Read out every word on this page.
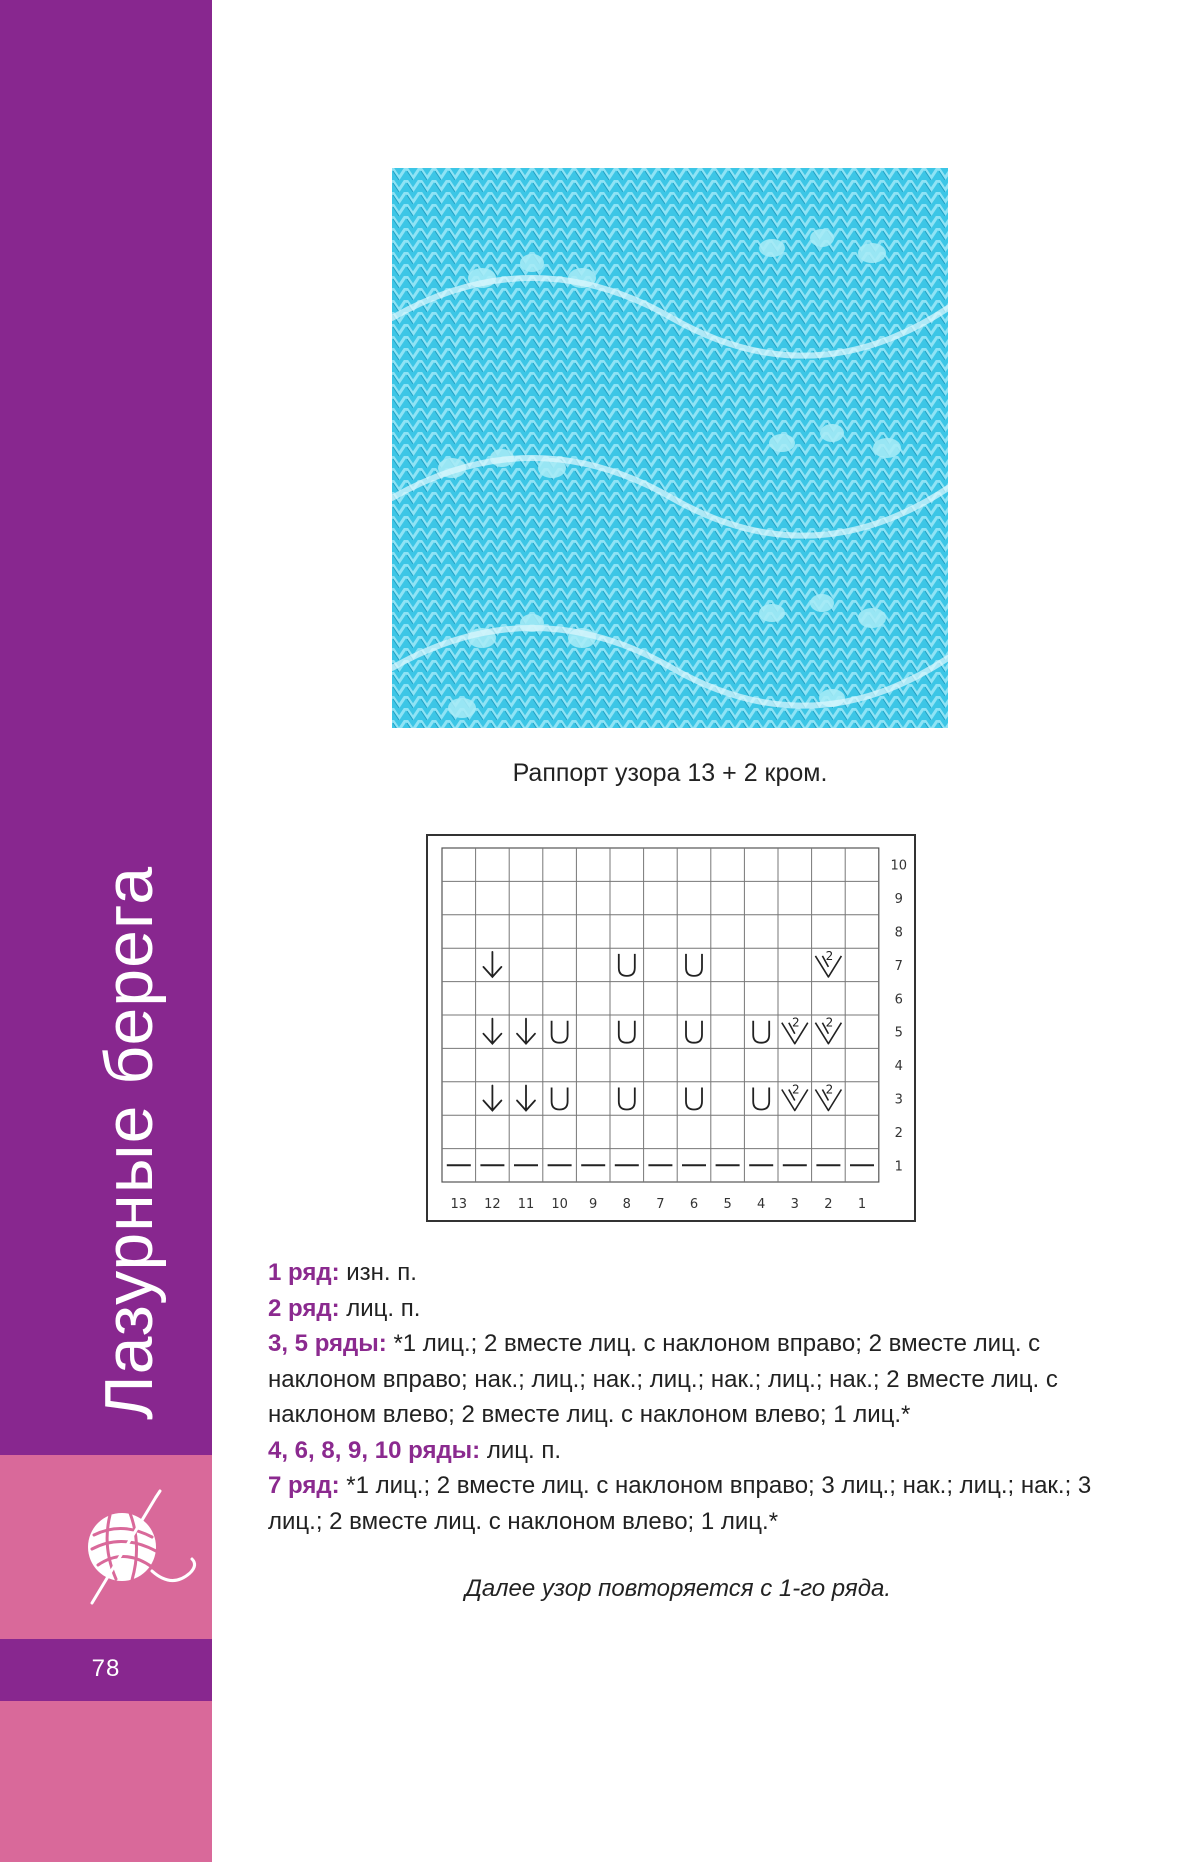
Лазурные берега
78
Раппорт узора 13 + 2 кром.
13 12 11 10 9 8 7 6 5 4 3 2 1
10
9
8
7
6
5
4
3
2
1
2 2
2 2
2

1 ряд: изн. п.

2 ряд: лиц. п.

3, 5 ряды: *1 лиц.; 2 вместе лиц. с наклоном вправо; 2 вместе лиц. с наклоном вправо; нак.; лиц.; нак.; лиц.; нак.; лиц.; нак.; 2 вместе лиц. с наклоном влево; 2 вместе лиц. с наклоном влево; 1 лиц.*

4, 6, 8, 9, 10 ряды: лиц. п.

7 ряд: *1 лиц.; 2 вместе лиц. с наклоном вправо; 3 лиц.; нак.; лиц.; нак.; 3 лиц.; 2 вместе лиц. с наклоном влево; 1 лиц.*

Далее узор повторяется с 1-го ряда.
